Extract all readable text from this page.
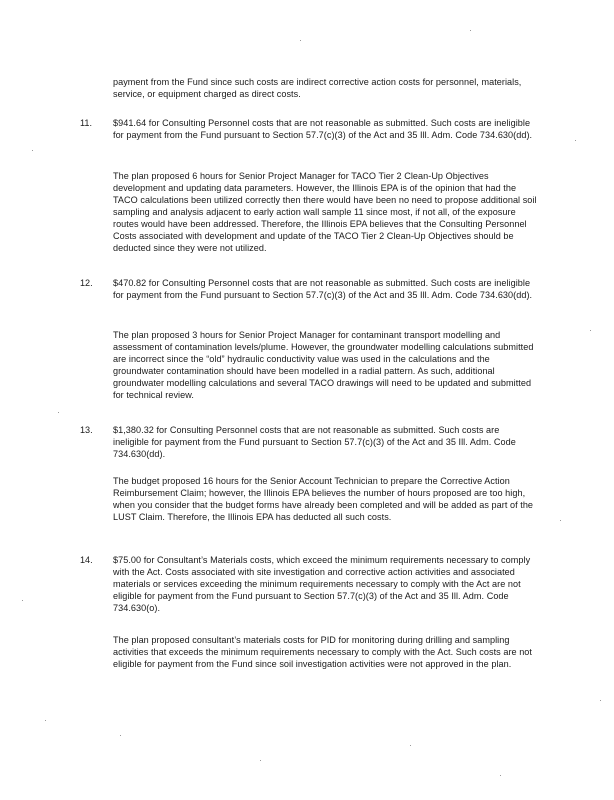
payment from the Fund since such costs are indirect corrective action costs for personnel, materials, service, or equipment charged as direct costs.

11. $941.64 for Consulting Personnel costs that are not reasonable as submitted. Such costs are ineligible for payment from the Fund pursuant to Section 57.7(c)(3) of the Act and 35 Ill. Adm. Code 734.630(dd).

The plan proposed 6 hours for Senior Project Manager for TACO Tier 2 Clean-Up Objectives development and updating data parameters. However, the Illinois EPA is of the opinion that had the TACO calculations been utilized correctly then there would have been no need to propose additional soil sampling and analysis adjacent to early action wall sample 11 since most, if not all, of the exposure routes would have been addressed. Therefore, the Illinois EPA believes that the Consulting Personnel Costs associated with development and update of the TACO Tier 2 Clean-Up Objectives should be deducted since they were not utilized.

12. $470.82 for Consulting Personnel costs that are not reasonable as submitted. Such costs are ineligible for payment from the Fund pursuant to Section 57.7(c)(3) of the Act and 35 Ill. Adm. Code 734.630(dd).

The plan proposed 3 hours for Senior Project Manager for contaminant transport modelling and assessment of contamination levels/plume. However, the groundwater modelling calculations submitted are incorrect since the “old” hydraulic conductivity value was used in the calculations and the groundwater contamination should have been modelled in a radial pattern. As such, additional groundwater modelling calculations and several TACO drawings will need to be updated and submitted for technical review.

13. $1,380.32 for Consulting Personnel costs that are not reasonable as submitted. Such costs are ineligible for payment from the Fund pursuant to Section 57.7(c)(3) of the Act and 35 Ill. Adm. Code 734.630(dd).

The budget proposed 16 hours for the Senior Account Technician to prepare the Corrective Action Reimbursement Claim; however, the Illinois EPA believes the number of hours proposed are too high, when you consider that the budget forms have already been completed and will be added as part of the LUST Claim. Therefore, the Illinois EPA has deducted all such costs.

14. $75.00 for Consultant’s Materials costs, which exceed the minimum requirements necessary to comply with the Act. Costs associated with site investigation and corrective action activities and associated materials or services exceeding the minimum requirements necessary to comply with the Act are not eligible for payment from the Fund pursuant to Section 57.7(c)(3) of the Act and 35 Ill. Adm. Code 734.630(o).

The plan proposed consultant’s materials costs for PID for monitoring during drilling and sampling activities that exceeds the minimum requirements necessary to comply with the Act. Such costs are not eligible for payment from the Fund since soil investigation activities were not approved in the plan.
